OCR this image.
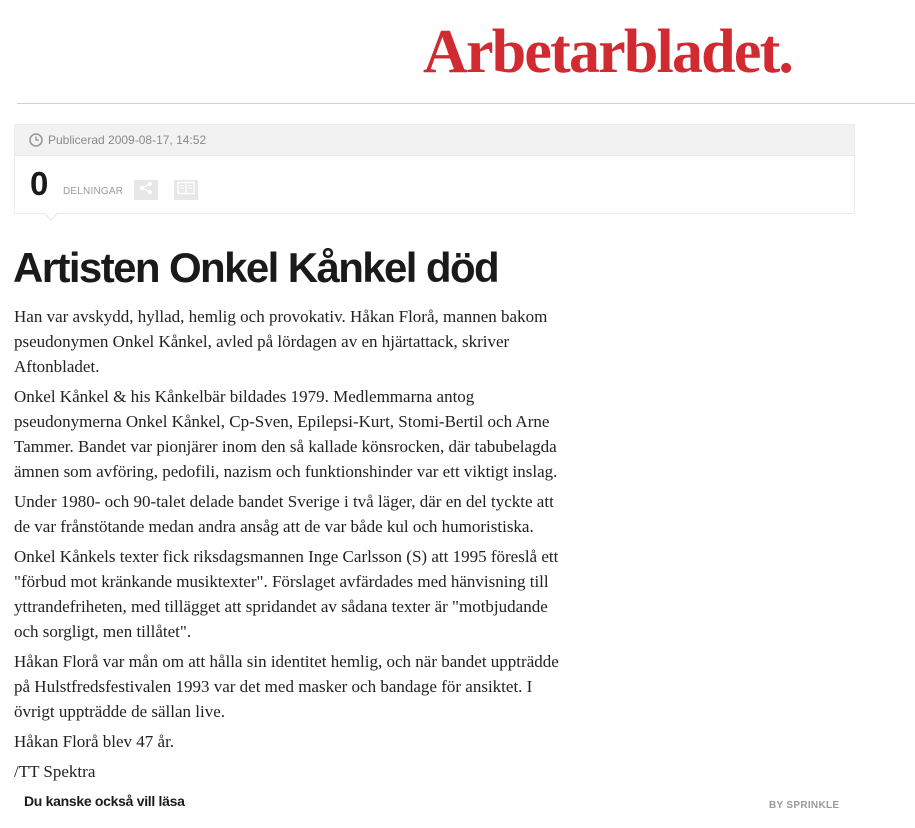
Arbetarbladet.
Publicerad 2009-08-17, 14:52
0 DELNINGAR
Artisten Onkel Kånkel död

Han var avskydd, hyllad, hemlig och provokativ. Håkan Florå, mannen bakom pseudonymen Onkel Kånkel, avled på lördagen av en hjärtattack, skriver Aftonbladet.

Onkel Kånkel & his Kånkelbär bildades 1979. Medlemmarna antog pseudonymerna Onkel Kånkel, Cp-Sven, Epilepsi-Kurt, Stomi-Bertil och Arne Tammer. Bandet var pionjärer inom den så kallade könsrocken, där tabubelagda ämnen som avföring, pedofili, nazism och funktionshinder var ett viktigt inslag.

Under 1980- och 90-talet delade bandet Sverige i två läger, där en del tyckte att de var frånstötande medan andra ansåg att de var både kul och humoristiska.

Onkel Kånkels texter fick riksdagsmannen Inge Carlsson (S) att 1995 föreslå ett "förbud mot kränkande musiktexter". Förslaget avfärdades med hänvisning till yttrandefriheten, med tillägget att spridandet av sådana texter är "motbjudande och sorgligt, men tillåtet".

Håkan Florå var mån om att hålla sin identitet hemlig, och när bandet uppträdde på Hulstfredsfestivalen 1993 var det med masker och bandage för ansiktet. I övrigt uppträdde de sällan live.

Håkan Florå blev 47 år.

/TT Spektra

Du kanske också vill läsa	BY SPRINKLE
